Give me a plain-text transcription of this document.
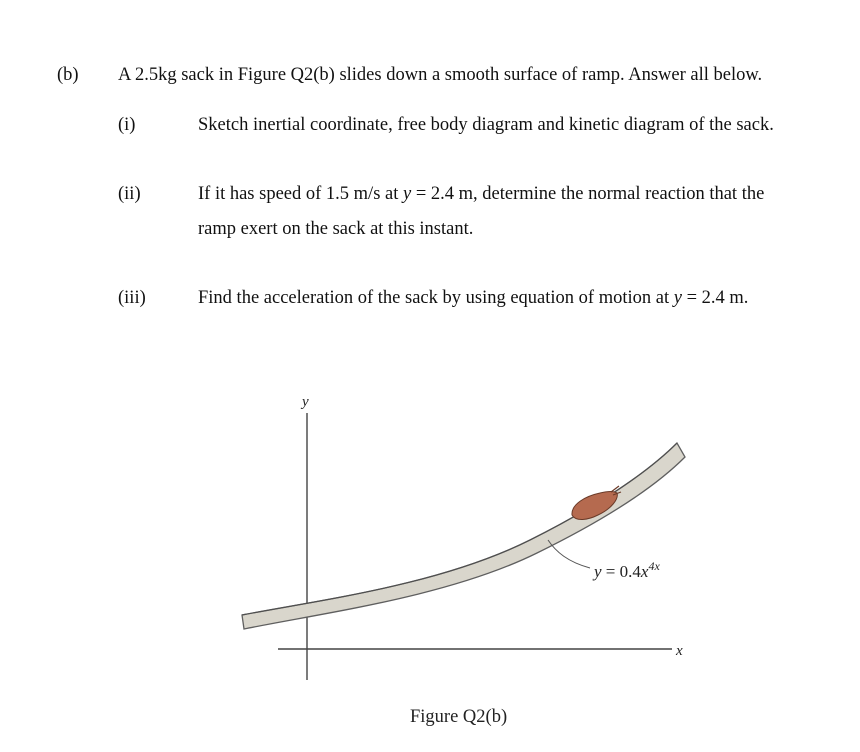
(b) A 2.5kg sack in Figure Q2(b) slides down a smooth surface of ramp. Answer all below.
(i)	Sketch inertial coordinate, free body diagram and kinetic diagram of the sack.
(ii)	If it has speed of 1.5 m/s at y = 2.4 m, determine the normal reaction that the
ramp exert on the sack at this instant.
(iii)	Find the acceleration of the sack by using equation of motion at y = 2.4 m.
y
x
$y = 0.4x^{4x}$
Figure Q2(b)
